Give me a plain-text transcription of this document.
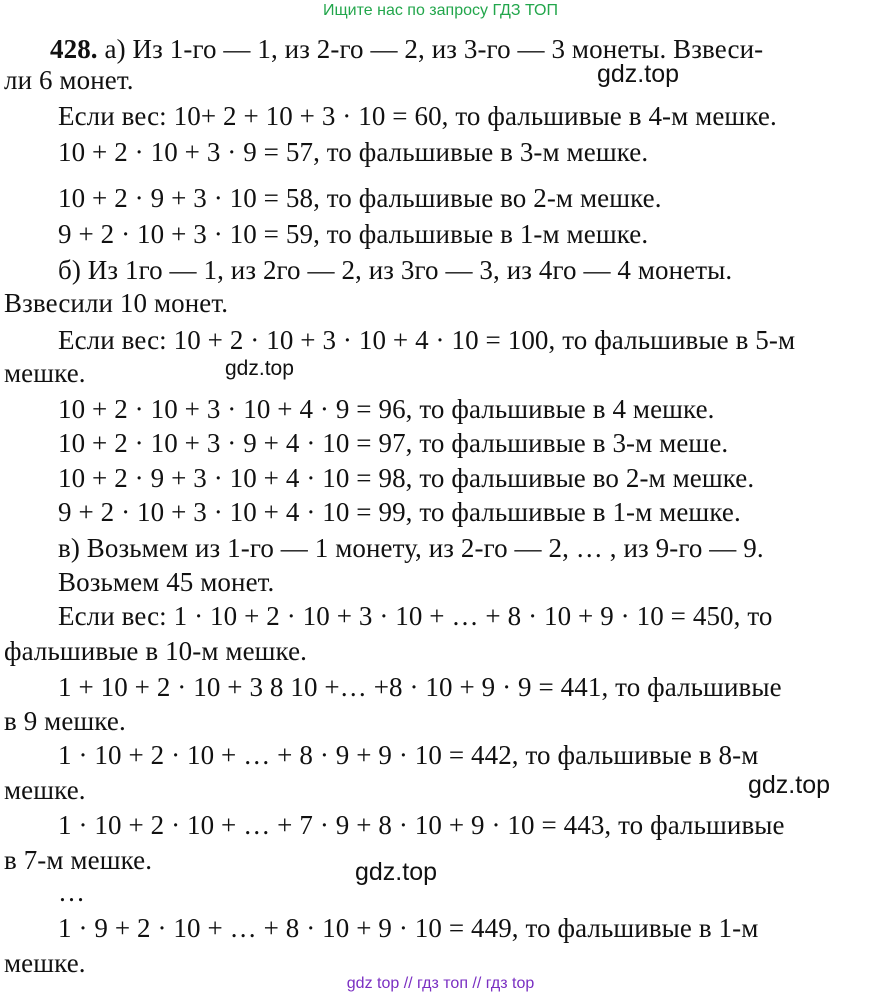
Ищите нас по запросу ГДЗ ТОП
428. а) Из 1-го — 1, из 2-го — 2, из 3-го — 3 монеты. Взвеси-
ли 6 монет.
Если вес: 10+ 2 + 10 + 3 · 10 = 60, то фальшивые в 4-м мешке.
10 + 2 · 10 + 3 · 9 = 57, то фальшивые в 3-м мешке.
10 + 2 · 9 + 3 · 10 = 58, то фальшивые во 2-м мешке.
9 + 2 · 10 + 3 · 10 = 59, то фальшивые в 1-м мешке.
б) Из 1го — 1, из 2го — 2, из 3го — 3, из 4го — 4 монеты.
Взвесили 10 монет.
Если вес: 10 + 2 · 10 + 3 · 10 + 4 · 10 = 100, то фальшивые в 5-м
мешке.
10 + 2 · 10 + 3 · 10 + 4 · 9 = 96, то фальшивые в 4 мешке.
10 + 2 · 10 + 3 · 9 + 4 · 10 = 97, то фальшивые в 3-м меше.
10 + 2 · 9 + 3 · 10 + 4 · 10 = 98, то фальшивые во 2-м мешке.
9 + 2 · 10 + 3 · 10 + 4 · 10 = 99, то фальшивые в 1-м мешке.
в) Возьмем из 1-го — 1 монету, из 2-го — 2, … , из 9-го — 9.
Возьмем 45 монет.
Если вес: 1 · 10 + 2 · 10 + 3 · 10 + … + 8 · 10 + 9 · 10 = 450, то
фальшивые в 10-м мешке.
1 + 10 + 2 · 10 + 3 8 10 +… +8 · 10 + 9 · 9 = 441, то фальшивые
в 9 мешке.
1 · 10 + 2 · 10 + … + 8 · 9 + 9 · 10 = 442, то фальшивые в 8-м
мешке.
1 · 10 + 2 · 10 + … + 7 · 9 + 8 · 10 + 9 · 10 = 443, то фальшивые
в 7-м мешке.
…
1 · 9 + 2 · 10 + … + 8 · 10 + 9 · 10 = 449, то фальшивые в 1-м
мешке.
gdz.top
gdz.top
gdz.top
gdz.top
gdz top // гдз топ // гдз top
